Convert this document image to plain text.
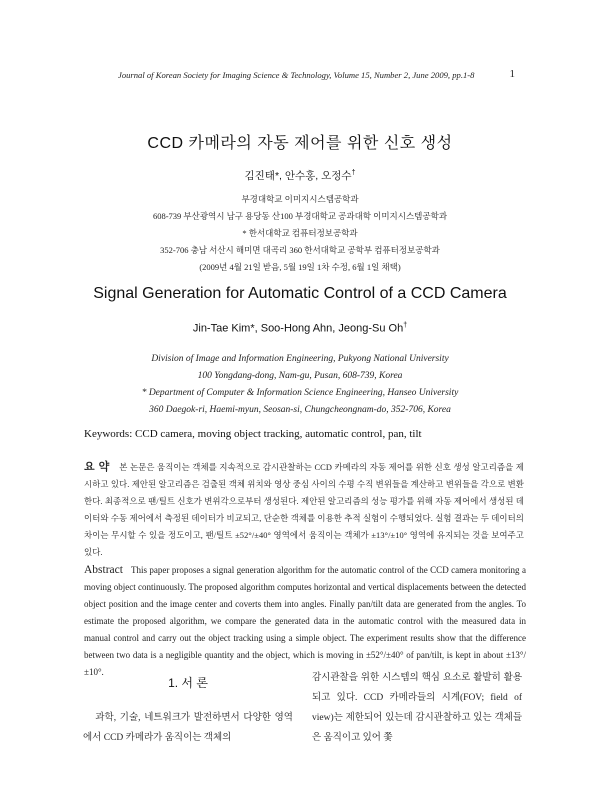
Journal of Korean Society for Imaging Science & Technology, Volume 15, Number 2, June 2009, pp.1-8	1
CCD 카메라의 자동 제어를 위한 신호 생성
김진태*, 안수홍, 오정수†
부경대학교 이미지시스템공학과
608-739 부산광역시 남구 용당동 산100 부경대학교 공과대학 이미지시스템공학과
* 한서대학교 컴퓨터정보공학과
352-706 충남 서산시 해미면 대곡리 360 한서대학교 공학부 컴퓨터정보공학과
(2009년 4월 21일 받음, 5월 19일 1차 수정, 6월 1일 채택)
Signal Generation for Automatic Control of a CCD Camera
Jin-Tae Kim*, Soo-Hong Ahn, Jeong-Su Oh†
Division of Image and Information Engineering, Pukyong National University
100 Yongdang-dong, Nam-gu, Pusan, 608-739, Korea
* Department of Computer & Information Science Engineering, Hanseo University
360 Daegok-ri, Haemi-myun, Seosan-si, Chungcheongnam-do, 352-706, Korea
Keywords: CCD camera, moving object tracking, automatic control, pan, tilt
요약 본 논문은 움직이는 객체를 지속적으로 감시관찰하는 CCD 카메라의 자동 제어를 위한 신호 생성 알고리즘을 제시하고 있다. 제안된 알고리즘은 검출된 객체 위치와 영상 중심 사이의 수평 수직 변위들을 계산하고 변위들을 각으로 변환한다. 최종적으로 팬/틸트 신호가 변위각으로부터 생성된다. 제안된 알고리즘의 성능 평가를 위해 자동 제어에서 생성된 데이터와 수동 제어에서 측정된 데이터가 비교되고, 단순한 객체를 이용한 추적 실험이 수행되었다. 실험 결과는 두 데이터의 차이는 무시할 수 있을 정도이고, 팬/틸트 ±52°/±40° 영역에서 움직이는 객체가 ±13°/±10° 영역에 유지되는 것을 보여주고 있다.
Abstract This paper proposes a signal generation algorithm for the automatic control of the CCD camera monitoring a moving object continuously. The proposed algorithm computes horizontal and vertical displacements between the detected object position and the image center and coverts them into angles. Finally pan/tilt data are generated from the angles. To estimate the proposed algorithm, we compare the generated data in the automatic control with the measured data in manual control and carry out the object tracking using a simple object. The experiment results show that the difference between two data is a negligible quantity and the object, which is moving in ±52°/±40° of pan/tilt, is kept in about ±13°/±10°.
1. 서 론
과학, 기술, 네트워크가 발전하면서 다양한 영역에서 CCD 카메라가 움직이는 객체의
감시관찰을 위한 시스템의 핵심 요소로 활발히 활용되고 있다. CCD 카메라들의 시계(FOV; field of view)는 제한되어 있는데 감시관찰하고 있는 객체들은 움직이고 있어 쫓
